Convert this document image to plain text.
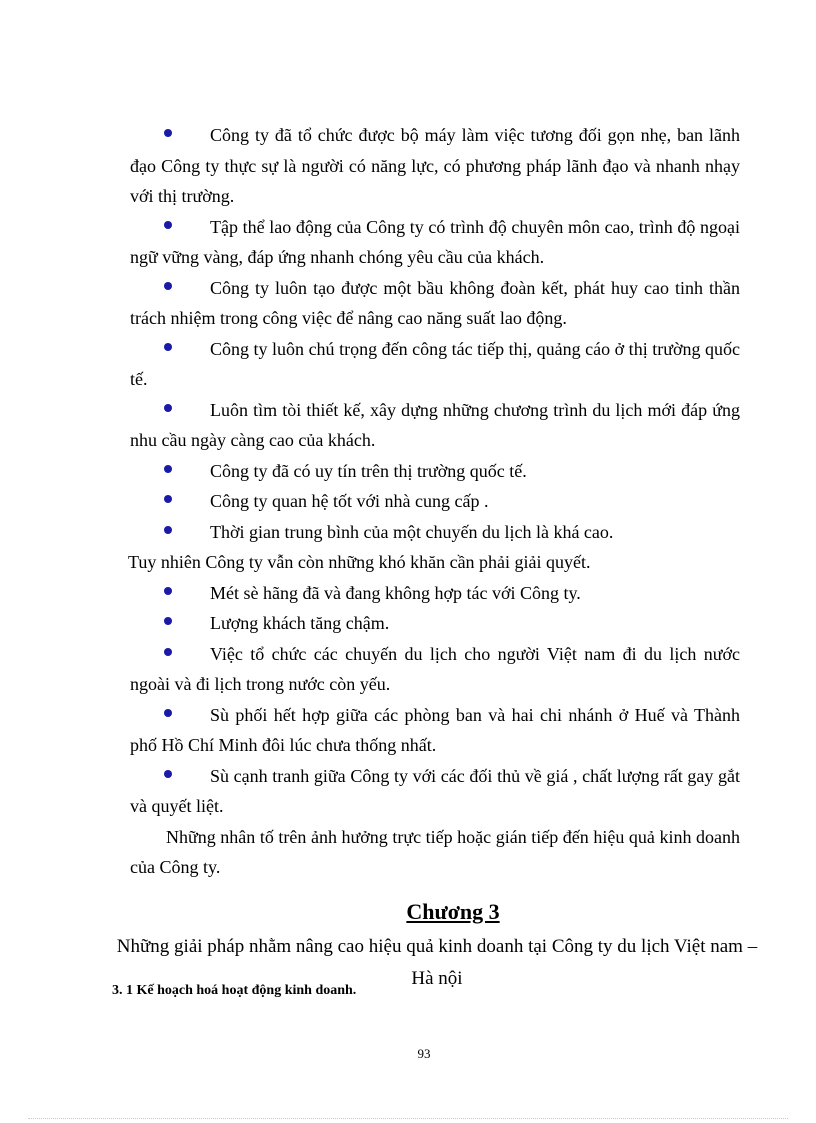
Công ty đã tổ chức được bộ máy làm việc tương đối gọn nhẹ, ban lãnh đạo Công ty thực sự là người có năng lực, có phương pháp lãnh đạo và nhanh nhạy với thị trường.

Tập thể lao động của Công ty có trình độ chuyên môn cao, trình độ ngoại ngữ vững vàng, đáp ứng nhanh chóng yêu cầu của khách.

Công ty luôn tạo được một bầu không đoàn kết, phát huy cao tinh thần trách nhiệm trong công việc để nâng cao năng suất lao động.

Công ty luôn chú trọng đến công tác tiếp thị, quảng cáo ở thị trường quốc tế.

Luôn tìm tòi thiết kế, xây dựng những chương trình du lịch mới đáp ứng nhu cầu ngày càng cao của khách.

Công ty đã có uy tín trên thị trường quốc tế.

Công ty quan hệ tốt với nhà cung cấp .

Thời gian trung bình của một chuyến du lịch là khá cao.

Tuy nhiên Công ty vẫn còn những khó khăn cần phải giải quyết.

Mét sè hãng đã và đang không hợp tác với Công ty.

Lượng khách tăng chậm.

Việc tổ chức các chuyến du lịch cho người Việt nam đi du lịch nước ngoài và đi lịch trong nước còn yếu.

Sù phối hết hợp giữa các phòng ban và hai chi nhánh ở Huế và Thành phố Hồ Chí Minh đôi lúc chưa thống nhất.

Sù cạnh tranh giữa Công ty với các đối thủ về giá , chất lượng rất gay gắt và quyết liệt.

Những nhân tố trên ảnh hưởng trực tiếp hoặc gián tiếp đến hiệu quả kinh doanh của Công ty.

Chương 3

Những giải pháp nhằm nâng cao hiệu quả kinh doanh tại Công ty du lịch Việt nam – Hà nội

3. 1 Kế hoạch hoá hoạt động kinh doanh.

93
